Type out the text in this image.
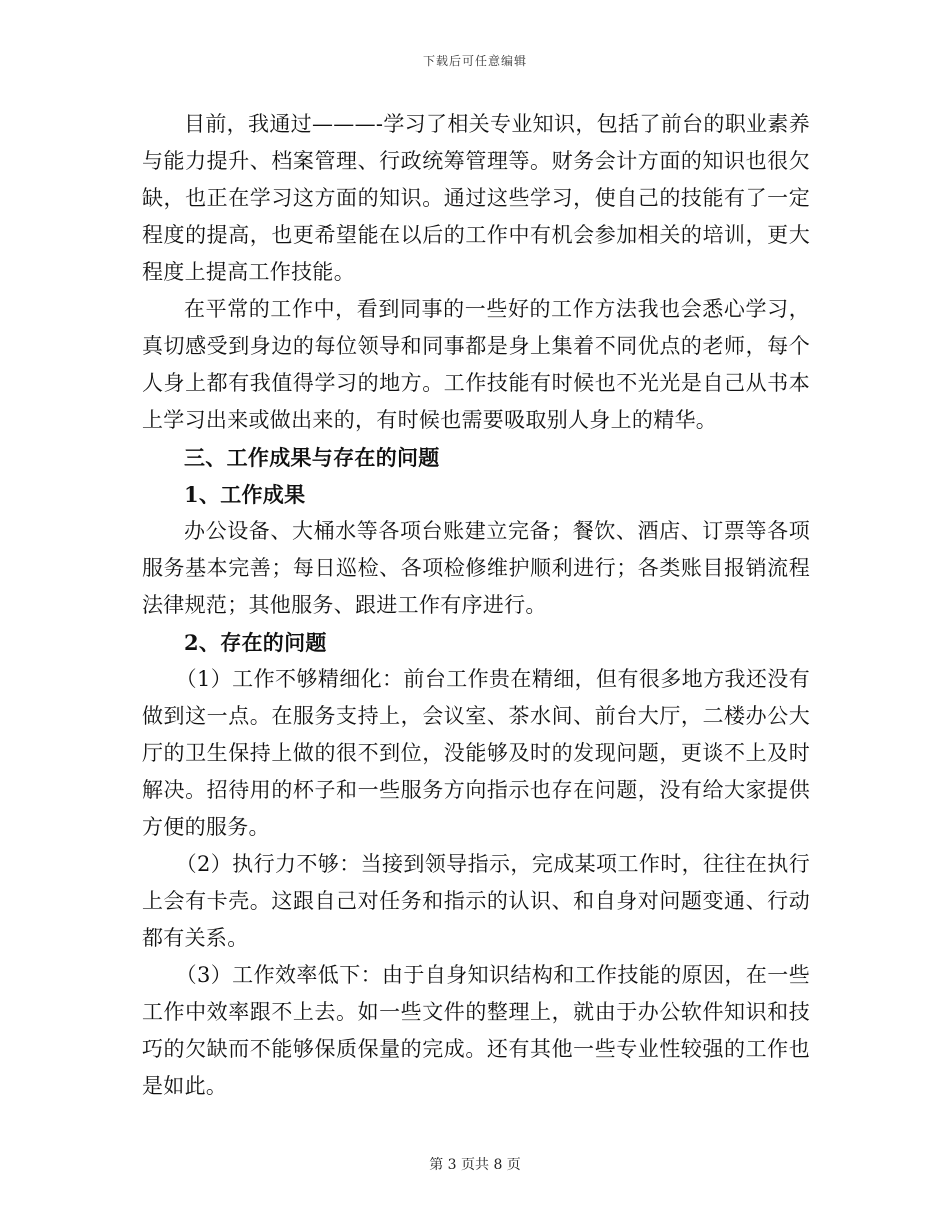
下载后可任意编辑

目前，我通过———-学习了相关专业知识，包括了前台的职业素养与能力提升、档案管理、行政统筹管理等。财务会计方面的知识也很欠缺，也正在学习这方面的知识。通过这些学习，使自己的技能有了一定程度的提高，也更希望能在以后的工作中有机会参加相关的培训，更大程度上提高工作技能。

在平常的工作中，看到同事的一些好的工作方法我也会悉心学习，真切感受到身边的每位领导和同事都是身上集着不同优点的老师，每个人身上都有我值得学习的地方。工作技能有时候也不光光是自己从书本上学习出来或做出来的，有时候也需要吸取别人身上的精华。

三、工作成果与存在的问题
1、工作成果

办公设备、大桶水等各项台账建立完备；餐饮、酒店、订票等各项服务基本完善；每日巡检、各项检修维护顺利进行；各类账目报销流程法律规范；其他服务、跟进工作有序进行。

2、存在的问题

（1）工作不够精细化：前台工作贵在精细，但有很多地方我还没有做到这一点。在服务支持上，会议室、茶水间、前台大厅，二楼办公大厅的卫生保持上做的很不到位，没能够及时的发现问题，更谈不上及时解决。招待用的杯子和一些服务方向指示也存在问题，没有给大家提供方便的服务。

（2）执行力不够：当接到领导指示，完成某项工作时，往往在执行上会有卡壳。这跟自己对任务和指示的认识、和自身对问题变通、行动都有关系。

（3）工作效率低下：由于自身知识结构和工作技能的原因，在一些工作中效率跟不上去。如一些文件的整理上，就由于办公软件知识和技巧的欠缺而不能够保质保量的完成。还有其他一些专业性较强的工作也是如此。

第 3 页共 8 页
